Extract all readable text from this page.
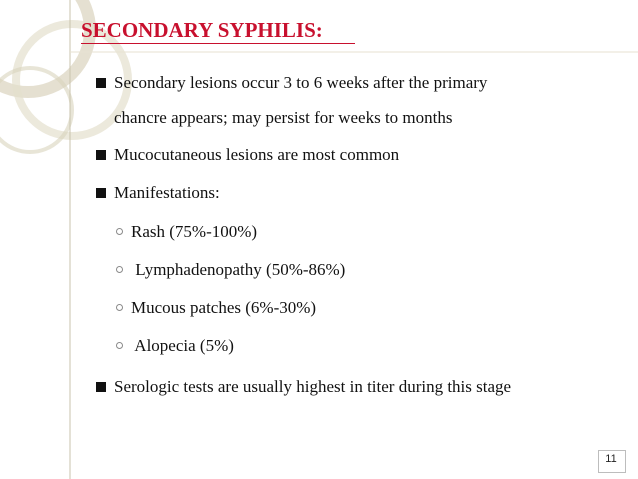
SECONDARY SYPHILIS:
Secondary lesions occur 3 to 6 weeks after the primary
chancre appears; may persist for weeks to months
Mucocutaneous lesions are most common
Manifestations:
Rash (75%-100%)
Lymphadenopathy (50%-86%)
Mucous patches (6%-30%)
Alopecia (5%)
Serologic tests are usually highest in titer during this stage
11
